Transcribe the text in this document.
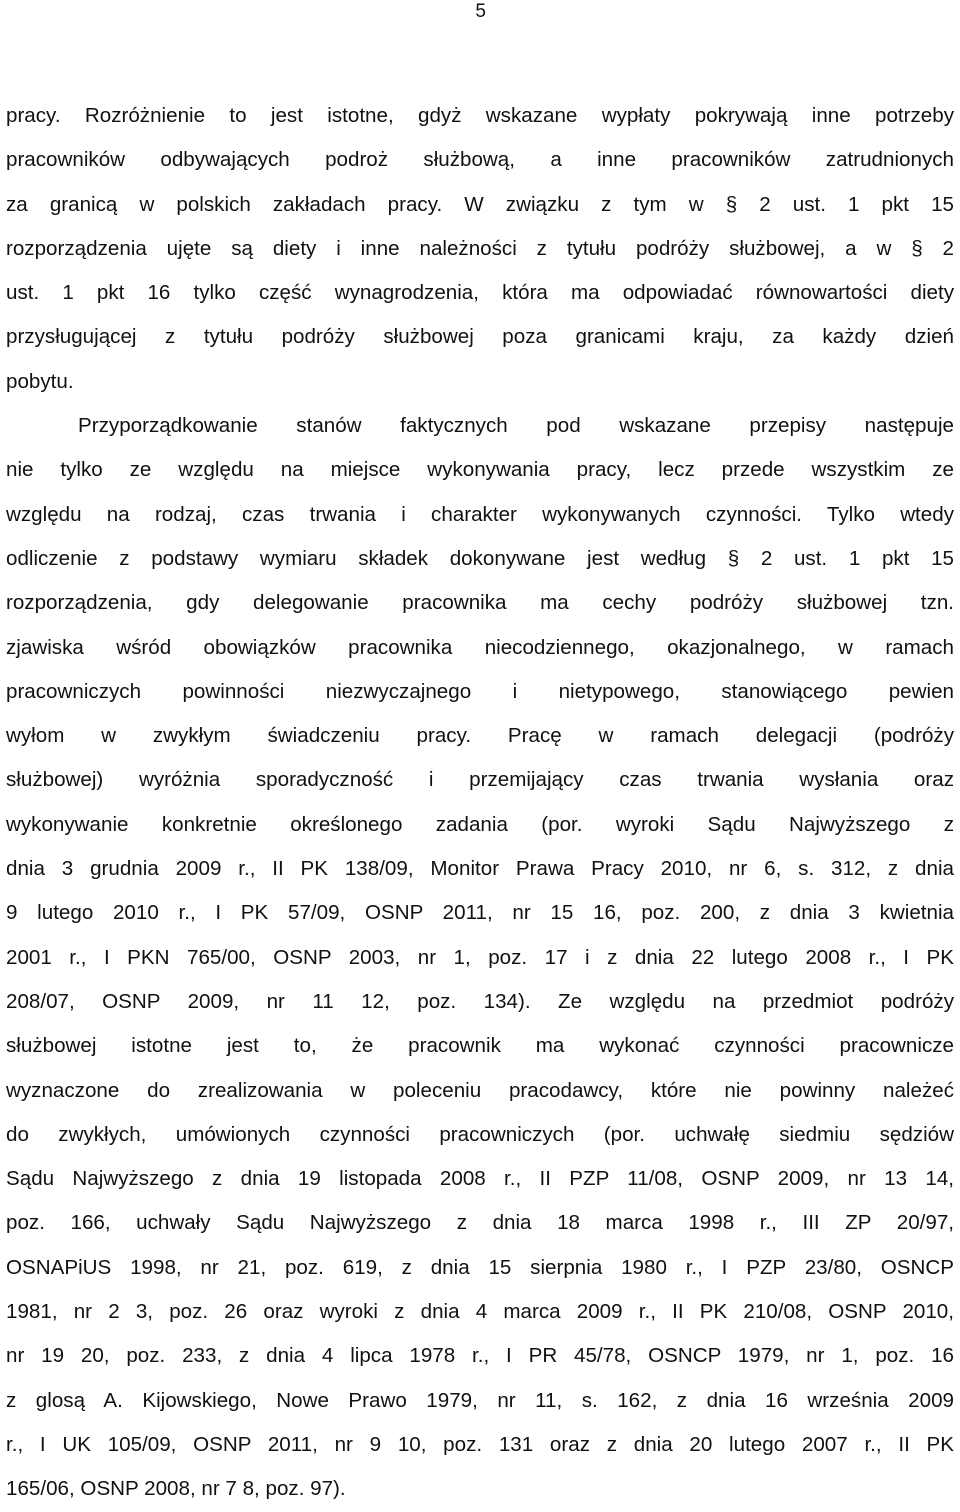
5
pracy. Rozróżnienie to jest istotne, gdyż wskazane wypłaty pokrywają inne potrzeby
pracowników odbywających podroż służbową, a inne pracowników zatrudnionych
za granicą w polskich zakładach pracy. W związku z tym w § 2 ust. 1 pkt 15
rozporządzenia ujęte są diety i inne należności z tytułu podróży służbowej, a w § 2
ust. 1 pkt 16 tylko część wynagrodzenia, która ma odpowiadać równowartości diety
przysługującej z tytułu podróży służbowej poza granicami kraju, za każdy dzień
pobytu.
Przyporządkowanie stanów faktycznych pod wskazane przepisy następuje
nie tylko ze względu na miejsce wykonywania pracy, lecz przede wszystkim ze
względu na rodzaj, czas trwania i charakter wykonywanych czynności. Tylko wtedy
odliczenie z podstawy wymiaru składek dokonywane jest według § 2 ust. 1 pkt 15
rozporządzenia, gdy delegowanie pracownika ma cechy podróży służbowej tzn.
zjawiska wśród obowiązków pracownika niecodziennego, okazjonalnego, w ramach
pracowniczych powinności niezwyczajnego i nietypowego, stanowiącego pewien
wyłom w zwykłym świadczeniu pracy. Pracę w ramach delegacji (podróży
służbowej) wyróżnia sporadyczność i przemijający czas trwania wysłania oraz
wykonywanie konkretnie określonego zadania (por. wyroki Sądu Najwyższego z
dnia 3 grudnia 2009 r., II PK 138/09, Monitor Prawa Pracy 2010, nr 6, s. 312, z dnia
9 lutego 2010 r., I PK 57/09, OSNP 2011, nr 15 16, poz. 200, z dnia 3 kwietnia
2001 r., I PKN 765/00, OSNP 2003, nr 1, poz. 17 i z dnia 22 lutego 2008 r., I PK
208/07, OSNP 2009, nr 11 12, poz. 134). Ze względu na przedmiot podróży
służbowej istotne jest to, że pracownik ma wykonać czynności pracownicze
wyznaczone do zrealizowania w poleceniu pracodawcy, które nie powinny należeć
do zwykłych, umówionych czynności pracowniczych (por. uchwałę siedmiu sędziów
Sądu Najwyższego z dnia 19 listopada 2008 r., II PZP 11/08, OSNP 2009, nr 13 14,
poz. 166, uchwały Sądu Najwyższego z dnia 18 marca 1998 r., III ZP 20/97,
OSNAPiUS 1998, nr 21, poz. 619, z dnia 15 sierpnia 1980 r., I PZP 23/80, OSNCP
1981, nr 2 3, poz. 26 oraz wyroki z dnia 4 marca 2009 r., II PK 210/08, OSNP 2010,
nr 19 20, poz. 233, z dnia 4 lipca 1978 r., I PR 45/78, OSNCP 1979, nr 1, poz. 16
z glosą A. Kijowskiego, Nowe Prawo 1979, nr 11, s. 162, z dnia 16 września 2009
r., I UK 105/09, OSNP 2011, nr 9 10, poz. 131 oraz z dnia 20 lutego 2007 r., II PK
165/06, OSNP 2008, nr 7 8, poz. 97).
